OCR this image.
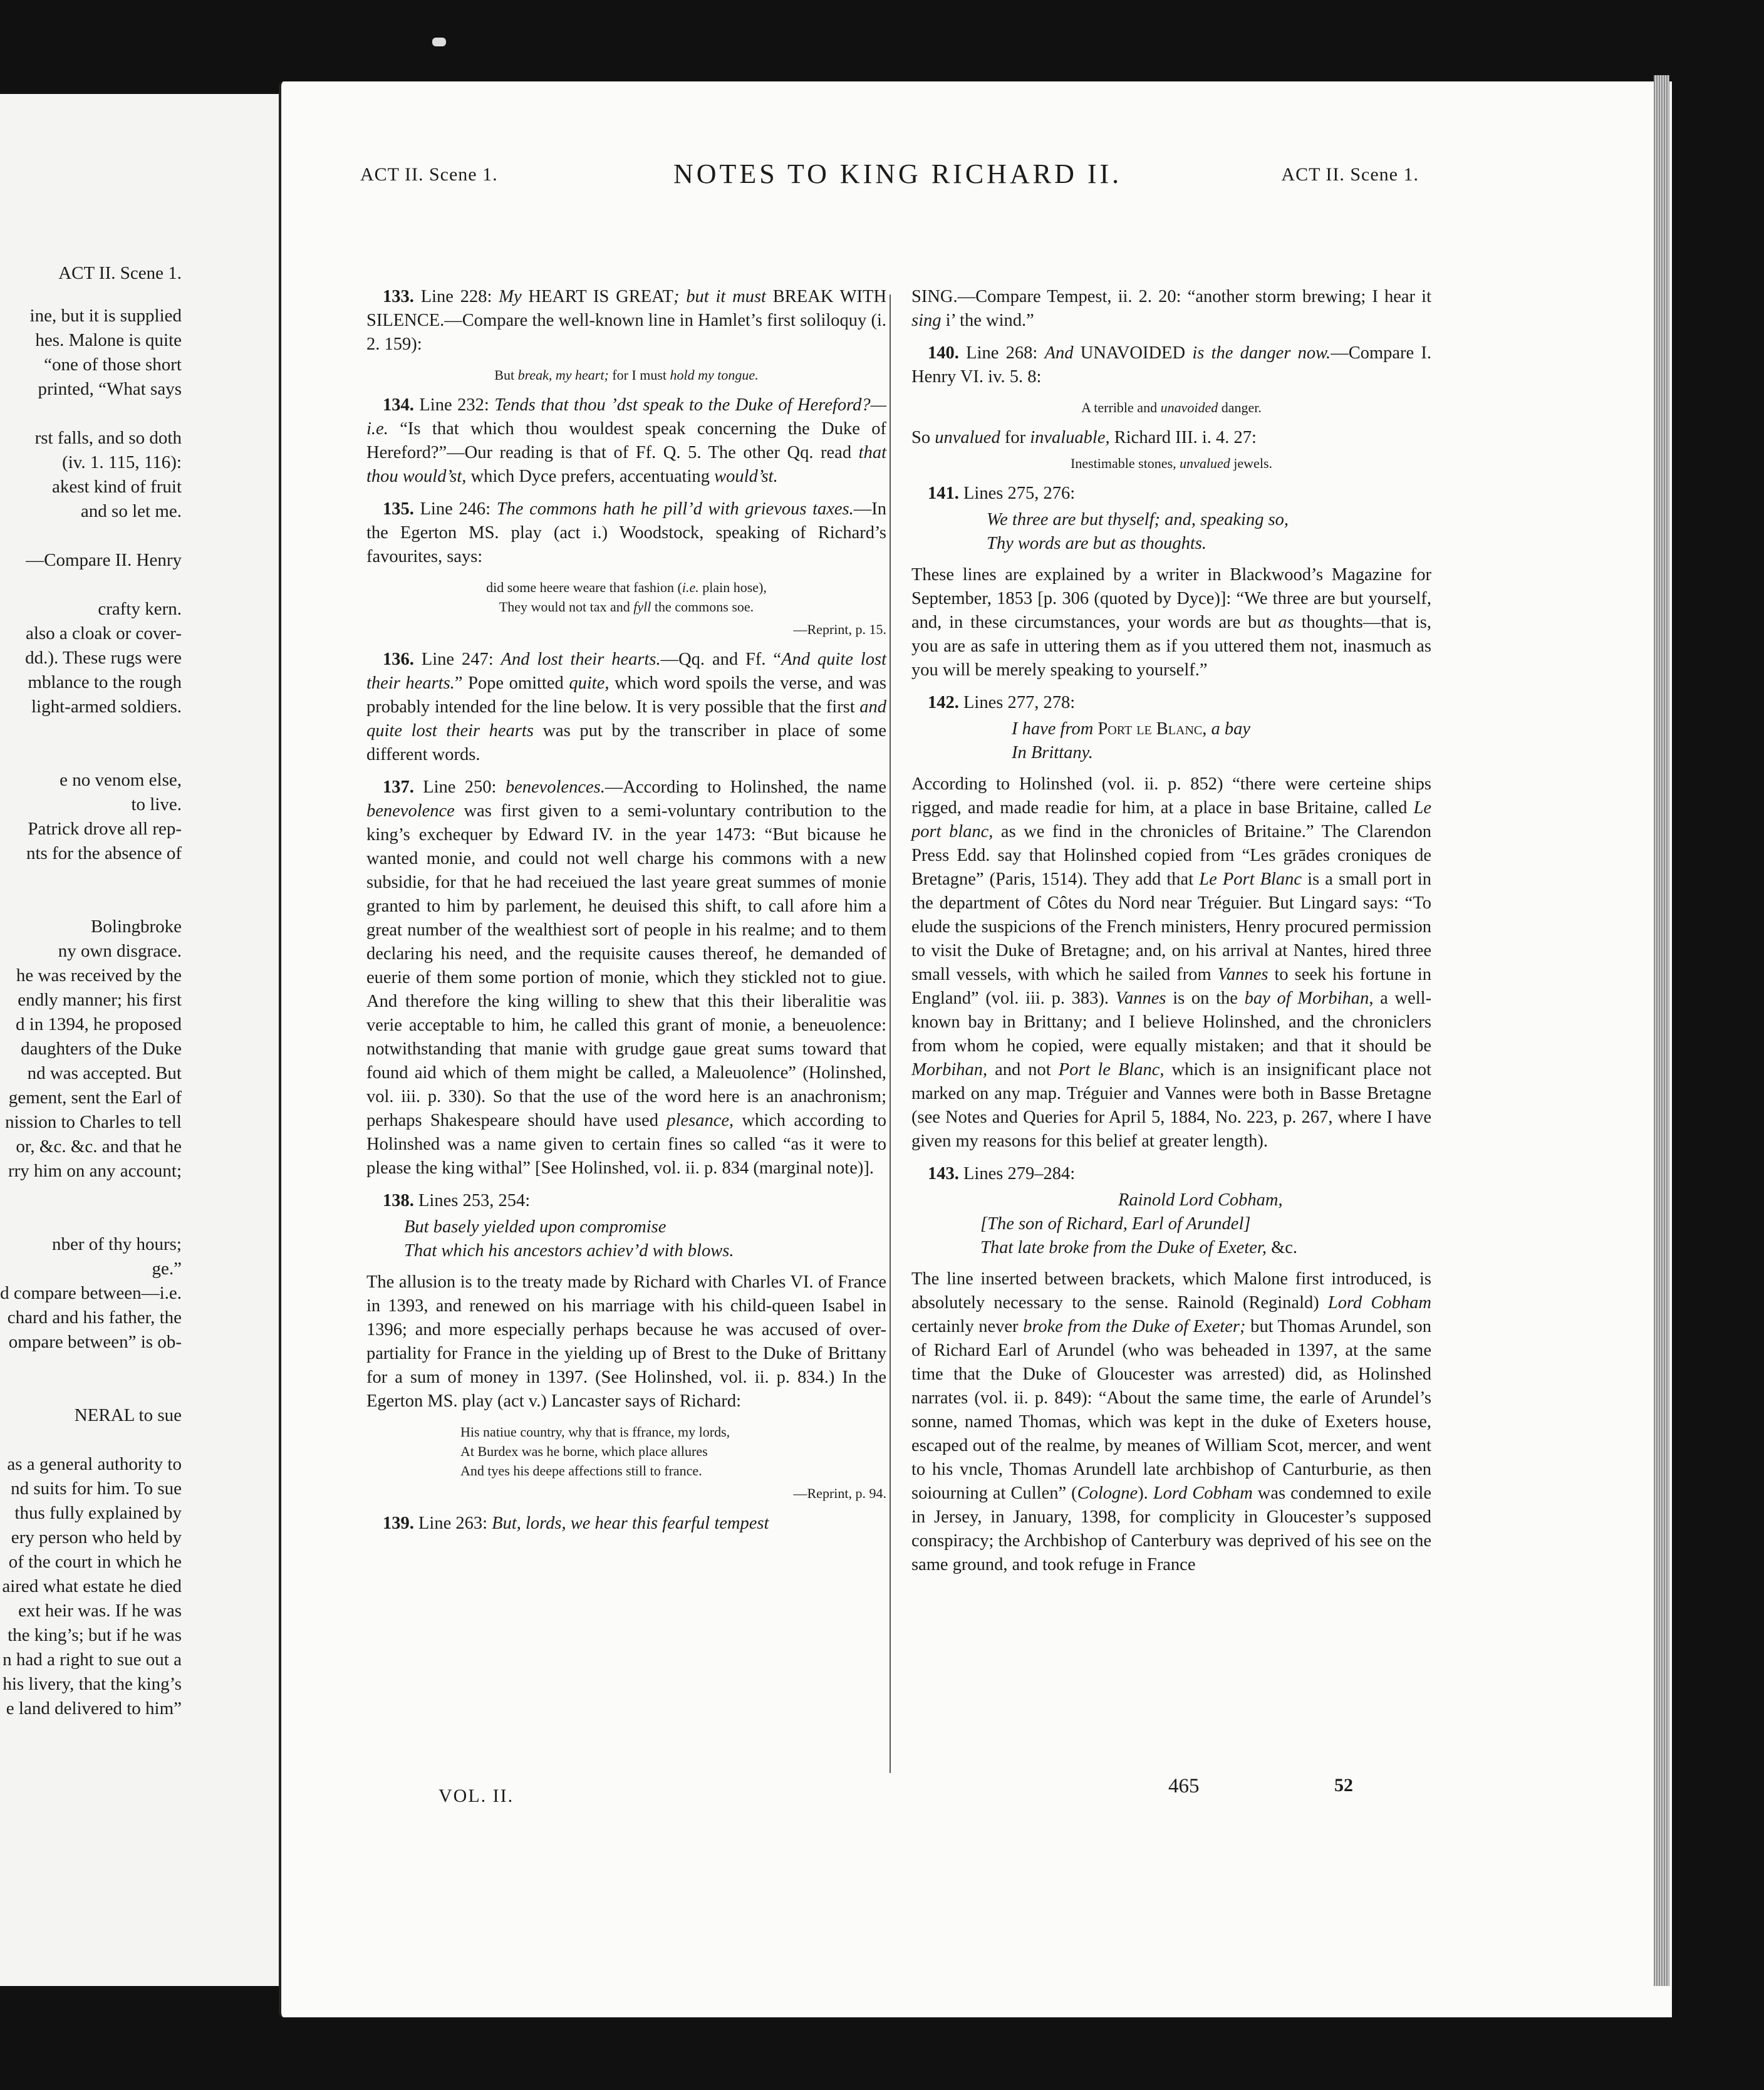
ACT II. Scene 1.
ine, but it is supplied
hes. Malone is quite
“one of those short
printed, “What says
rst falls, and so doth
(iv. 1. 115, 116):
akest kind of fruit
and so let me.
—Compare II. Henry
crafty kern.
also a cloak or cover-
dd.). These rugs were
mblance to the rough
light-armed soldiers.
e no venom else,
to live.
Patrick drove all rep-
nts for the absence of
Bolingbroke
ny own disgrace.
he was received by the
endly manner; his first
d in 1394, he proposed
daughters of the Duke
nd was accepted. But
gement, sent the Earl of
nission to Charles to tell
or, &c. &c. and that he
rry him on any account;
nber of thy hours;
ge.”
d compare between—i.e.
chard and his father, the
ompare between” is ob-
NERAL to sue
as a general authority to
nd suits for him. To sue
thus fully explained by
ery person who held by
of the court in which he
aired what estate he died
ext heir was. If he was
the king’s; but if he was
n had a right to sue out a
his livery, that the king’s
e land delivered to him”
ACT II. Scene 1.	NOTES TO KING RICHARD II.	ACT II. Scene 1.

133. Line 228: My HEART IS GREAT; but it must BREAK WITH SILENCE.—Compare the well-known line in Hamlet’s first soliloquy (i. 2. 159):

But break, my heart; for I must hold my tongue.

134. Line 232: Tends that thou ’dst speak to the Duke of Hereford?—i.e. “Is that which thou wouldest speak concerning the Duke of Hereford?”—Our reading is that of Ff. Q. 5. The other Qq. read that thou would’st, which Dyce prefers, accentuating would’st.

135. Line 246: The commons hath he pill’d with grievous taxes.—In the Egerton MS. play (act i.) Woodstock, speaking of Richard’s favourites, says:

did some heere weare that fashion (i.e. plain hose),
They would not tax and fyll the commons soe.
—Reprint, p. 15.

136. Line 247: And lost their hearts.—Qq. and Ff. “And quite lost their hearts.” Pope omitted quite, which word spoils the verse, and was probably intended for the line below. It is very possible that the first and quite lost their hearts was put by the transcriber in place of some different words.

137. Line 250: benevolences.—According to Holinshed, the name benevolence was first given to a semi-voluntary contribution to the king’s exchequer by Edward IV. in the year 1473: “But bicause he wanted monie, and could not well charge his commons with a new subsidie, for that he had receiued the last yeare great summes of monie granted to him by parlement, he deuised this shift, to call afore him a great number of the wealthiest sort of people in his realme; and to them declaring his need, and the requisite causes thereof, he demanded of euerie of them some portion of monie, which they stickled not to giue. And therefore the king willing to shew that this their liberalitie was verie acceptable to him, he called this grant of monie, a beneuolence: notwithstanding that manie with grudge gaue great sums toward that found aid which of them might be called, a Maleuolence” (Holinshed, vol. iii. p. 330). So that the use of the word here is an anachronism; perhaps Shakespeare should have used plesance, which according to Holinshed was a name given to certain fines so called “as it were to please the king withal” [See Holinshed, vol. ii. p. 834 (marginal note)].

138. Lines 253, 254:

But basely yielded upon compromise
That which his ancestors achiev’d with blows.

The allusion is to the treaty made by Richard with Charles VI. of France in 1393, and renewed on his marriage with his child-queen Isabel in 1396; and more especially perhaps because he was accused of over-partiality for France in the yielding up of Brest to the Duke of Brittany for a sum of money in 1397. (See Holinshed, vol. ii. p. 834.) In the Egerton MS. play (act v.) Lancaster says of Richard:

His natiue country, why that is ffrance, my lords,
At Burdex was he borne, which place allures
And tyes his deepe affections still to france.
—Reprint, p. 94.

139. Line 263: But, lords, we hear this fearful tempest

SING.—Compare Tempest, ii. 2. 20: “another storm brewing; I hear it sing i’ the wind.”

140. Line 268: And UNAVOIDED is the danger now.—Compare I. Henry VI. iv. 5. 8:

A terrible and unavoided danger.

So unvalued for invaluable, Richard III. i. 4. 27:

Inestimable stones, unvalued jewels.

141. Lines 275, 276:

We three are but thyself; and, speaking so,
Thy words are but as thoughts.

These lines are explained by a writer in Blackwood’s Magazine for September, 1853 [p. 306 (quoted by Dyce)]: “We three are but yourself, and, in these circumstances, your words are but as thoughts—that is, you are as safe in uttering them as if you uttered them not, inasmuch as you will be merely speaking to yourself.”

142. Lines 277, 278:

I have from Port le Blanc, a bay
In Brittany.

According to Holinshed (vol. ii. p. 852) “there were certeine ships rigged, and made readie for him, at a place in base Britaine, called Le port blanc, as we find in the chronicles of Britaine.” The Clarendon Press Edd. say that Holinshed copied from “Les grādes croniques de Bretagne” (Paris, 1514). They add that Le Port Blanc is a small port in the department of Côtes du Nord near Tréguier. But Lingard says: “To elude the suspicions of the French ministers, Henry procured permission to visit the Duke of Bretagne; and, on his arrival at Nantes, hired three small vessels, with which he sailed from Vannes to seek his fortune in England” (vol. iii. p. 383). Vannes is on the bay of Morbihan, a well-known bay in Brittany; and I believe Holinshed, and the chroniclers from whom he copied, were equally mistaken; and that it should be Morbihan, and not Port le Blanc, which is an insignificant place not marked on any map. Tréguier and Vannes were both in Basse Bretagne (see Notes and Queries for April 5, 1884, No. 223, p. 267, where I have given my reasons for this belief at greater length).

143. Lines 279–284:

Rainold Lord Cobham,
[The son of Richard, Earl of Arundel]
That late broke from the Duke of Exeter, &c.

The line inserted between brackets, which Malone first introduced, is absolutely necessary to the sense. Rainold (Reginald) Lord Cobham certainly never broke from the Duke of Exeter; but Thomas Arundel, son of Richard Earl of Arundel (who was beheaded in 1397, at the same time that the Duke of Gloucester was arrested) did, as Holinshed narrates (vol. ii. p. 849): “About the same time, the earle of Arundel’s sonne, named Thomas, which was kept in the duke of Exeters house, escaped out of the realme, by meanes of William Scot, mercer, and went to his vncle, Thomas Arundell late archbishop of Canturburie, as then soiourning at Cullen” (Cologne). Lord Cobham was condemned to exile in Jersey, in January, 1398, for complicity in Gloucester’s supposed conspiracy; the Archbishop of Canterbury was deprived of his see on the same ground, and took refuge in France

VOL. II.	465	52
